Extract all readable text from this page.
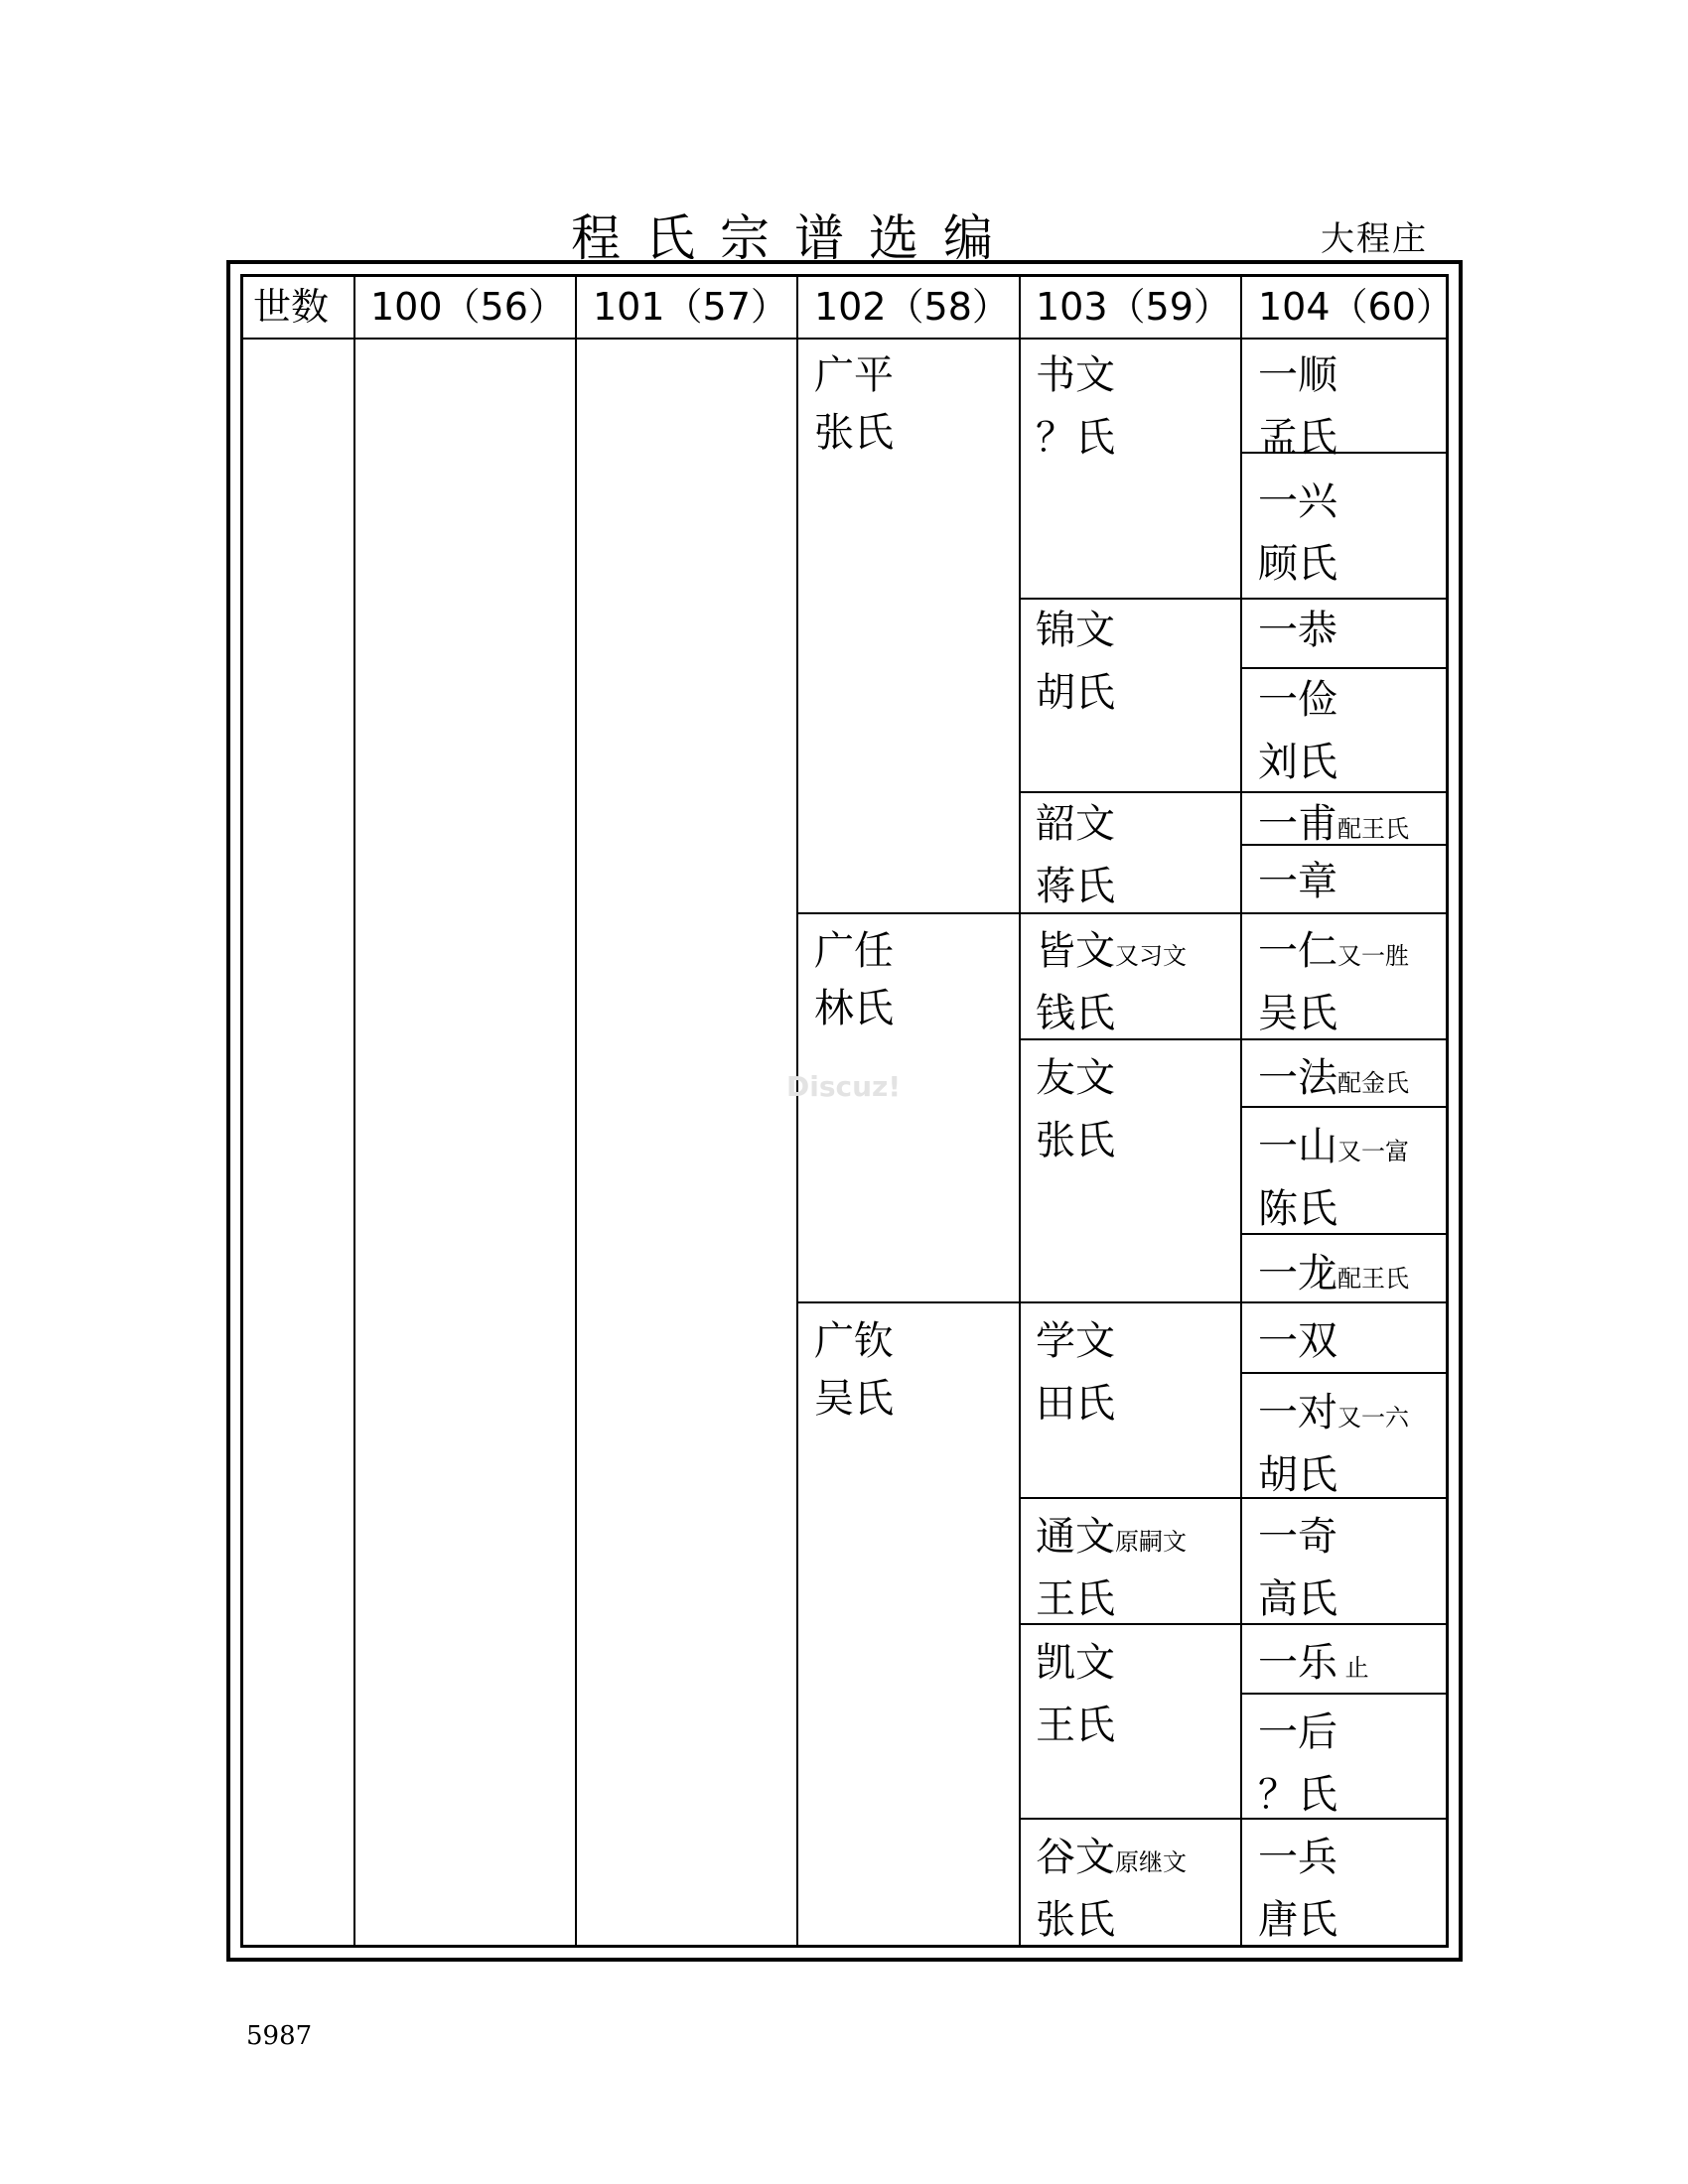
程氏宗谱选编	大程庄
世数 100（56） 101（57） 102（58） 103（59） 104（60）
广平
张氏
广任
林氏
广钦
吴氏
书文
？氏
锦文
胡氏
韶文
蒋氏
皆文又习文
钱氏
友文
张氏
学文
田氏
通文原嗣文
王氏
凯文
王氏
谷文原继文
张氏
一顺
孟氏
一兴
顾氏
一恭
一俭
刘氏
一甫配王氏
一章
一仁又一胜
吴氏
一法配金氏
一山又一富
陈氏
一龙配王氏
一双
一对又一六
胡氏
一奇
高氏
一乐 止
一后
？氏
一兵
唐氏
Discuz!
5987
